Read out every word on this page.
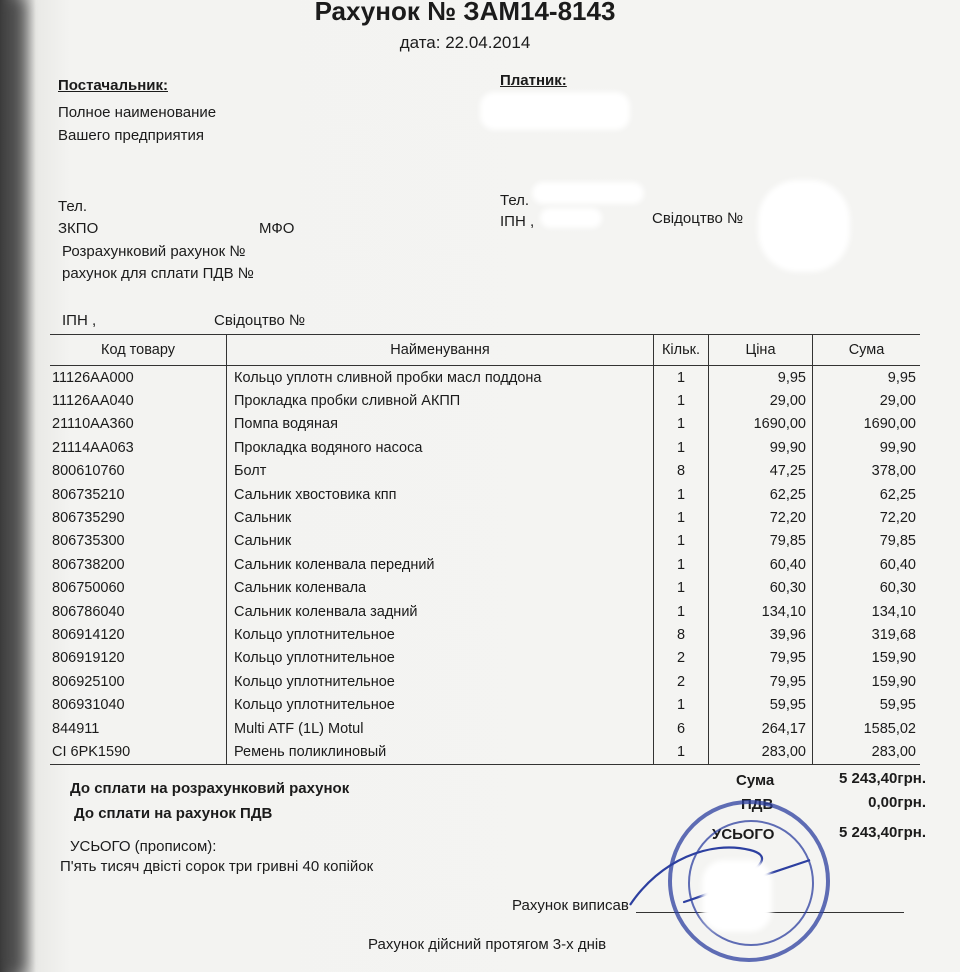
Рахунок № ЗАМ14-8143
дата: 22.04.2014
Постачальник:
Полное наименование
Вашего предприятия
Тел.
ЗКПО	МФО
Розрахунковий рахунок №
рахунок для сплати ПДВ №
ІПН ,	Свідоцтво №
Платник:
Тел.
ІПН ,	Свідоцтво №
Код товару	Найменування	Кільк.	Ціна	Сума
11126AA000	Кольцо уплотн сливной пробки масл поддона	1	9,95	9,95
11126AA040	Прокладка пробки сливной АКПП	1	29,00	29,00
21110AA360	Помпа водяная	1	1690,00	1690,00
21114AA063	Прокладка водяного насоса	1	99,90	99,90
800610760	Болт	8	47,25	378,00
806735210	Сальник хвостовика кпп	1	62,25	62,25
806735290	Сальник	1	72,20	72,20
806735300	Сальник	1	79,85	79,85
806738200	Сальник коленвала передний	1	60,40	60,40
806750060	Сальник коленвала	1	60,30	60,30
806786040	Сальник коленвала задний	1	134,10	134,10
806914120	Кольцо уплотнительное	8	39,96	319,68
806919120	Кольцо уплотнительное	2	79,95	159,90
806925100	Кольцо уплотнительное	2	79,95	159,90
806931040	Кольцо уплотнительное	1	59,95	59,95
844911	Multi ATF (1L) Motul	6	264,17	1585,02
CI 6PK1590	Ремень поликлиновый	1	283,00	283,00
До сплати на розрахунковий рахунок
До сплати на рахунок ПДВ
УСЬОГО (прописом):
П'ять тисяч двісті сорок три гривні 40 копійок
Сума	5 243,40грн.
ПДВ	0,00грн.
УСЬОГО	5 243,40грн.
Рахунок виписав
Рахунок дійсний протягом 3-х днів
